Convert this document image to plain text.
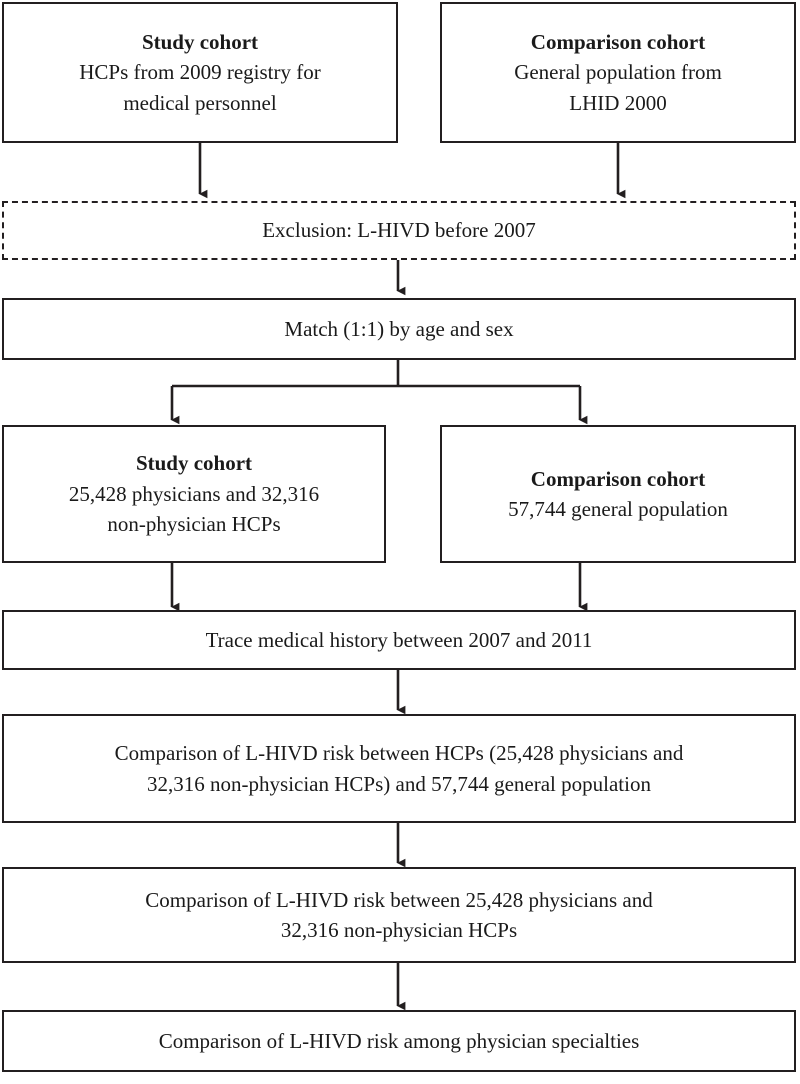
Study cohort
HCPs from 2009 registry for
medical personnel
Comparison cohort
General population from
LHID 2000
Exclusion: L-HIVD before 2007
Match (1:1) by age and sex
Study cohort
25,428 physicians and 32,316
non-physician HCPs
Comparison cohort
57,744 general population
Trace medical history between 2007 and 2011
Comparison of L-HIVD risk between HCPs (25,428 physicians and
32,316 non-physician HCPs) and 57,744 general population
Comparison of L-HIVD risk between 25,428 physicians and
32,316 non-physician HCPs
Comparison of L-HIVD risk among physician specialties
